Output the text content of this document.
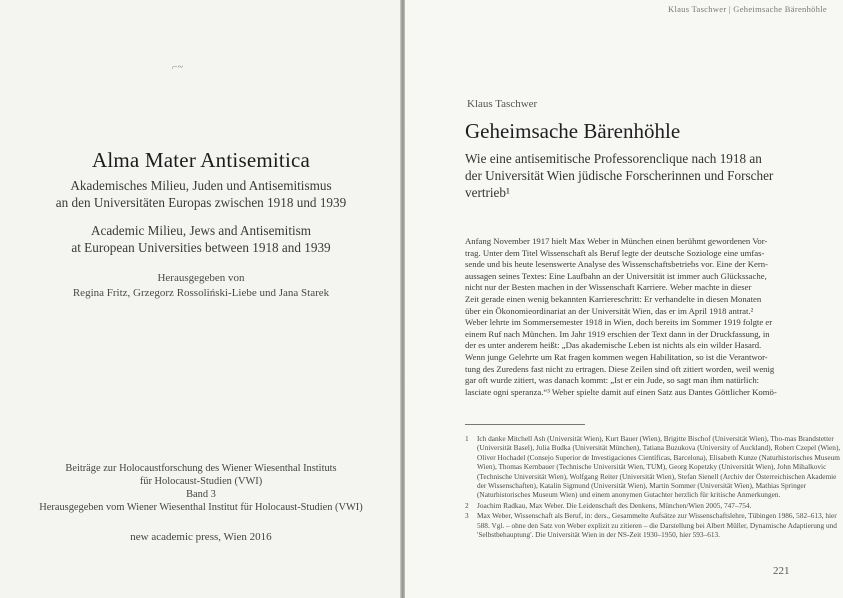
⌐~
Alma Mater Antisemitica
Akademisches Milieu, Juden und Antisemitismus
an den Universitäten Europas zwischen 1918 und 1939
Academic Milieu, Jews and Antisemitism
at European Universities between 1918 and 1939
Herausgegeben von
Regina Fritz, Grzegorz Rossoliński-Liebe und Jana Starek
Beiträge zur Holocaustforschung des Wiener Wiesenthal Instituts
für Holocaust-Studien (VWI)
Band 3
Herausgegeben vom Wiener Wiesenthal Institut für Holocaust-Studien (VWI)
new academic press, Wien 2016
Klaus Taschwer | Geheimsache Bärenhöhle
Klaus Taschwer
Geheimsache Bärenhöhle
Wie eine antisemitische Professorenclique nach 1918 an
der Universität Wien jüdische Forscherinnen und Forscher
vertrieb¹
Anfang November 1917 hielt Max Weber in München einen berühmt gewordenen Vor-
trag. Unter dem Titel Wissenschaft als Beruf legte der deutsche Soziologe eine umfas-
sende und bis heute lesenswerte Analyse des Wissenschaftsbetriebs vor. Eine der Kern-
aussagen seines Textes: Eine Laufbahn an der Universität ist immer auch Glückssache,
nicht nur der Besten machen in der Wissenschaft Karriere. Weber machte in dieser
Zeit gerade einen wenig bekannten Karriereschritt: Er verhandelte in diesen Monaten
über ein Ökonomieordinariat an der Universität Wien, das er im April 1918 antrat.²
Weber lehrte im Sommersemester 1918 in Wien, doch bereits im Sommer 1919 folgte er
einem Ruf nach München. Im Jahr 1919 erschien der Text dann in der Druckfassung, in
der es unter anderem heißt: „Das akademische Leben ist nichts als ein wilder Hasard.
Wenn junge Gelehrte um Rat fragen kommen wegen Habilitation, so ist die Verantwor-
tung des Zuredens fast nicht zu ertragen. Diese Zeilen sind oft zitiert worden, weil wenig
gar oft wurde zitiert, was danach kommt: „Ist er ein Jude, so sagt man ihm natürlich:
lasciate ogni speranza.“³ Weber spielte damit auf einen Satz aus Dantes Göttlicher Komö-
1	Ich danke Mitchell Ash (Universität Wien), Kurt Bauer (Wien), Brigitte Bischof (Universität Wien), Tho-mas Brandstetter (Universität Basel), Julia Budka (Universität München), Tatiana Buzukova (University of Auckland), Robert Czepel (Wien), Oliver Hochadel (Consejo Superior de Investigaciones Científicas, Barcelona), Elisabeth Kunze (Naturhistorisches Museum Wien), Thomas Kernbauer (Technische Universität Wien, TUM), Georg Kopetzky (Universität Wien), John Mihalkovic (Technische Universität Wien), Wolfgang Reiter (Universität Wien), Stefan Sienell (Archiv der Österreichischen Akademie der Wissenschaften), Katalin Sigmund (Universität Wien), Martin Sommer (Universität Wien), Mathias Springer (Naturhistorisches Museum Wien) und einem anonymen Gutachter herzlich für kritische Anmerkungen.
2	Joachim Radkau, Max Weber. Die Leidenschaft des Denkens, München/Wien 2005, 747–754.
3	Max Weber, Wissenschaft als Beruf, in: ders., Gesammelte Aufsätze zur Wissenschaftslehre, Tübingen 1986, 582–613, hier 588. Vgl. – ohne den Satz von Weber explizit zu zitieren – die Darstellung bei Albert Müller, Dynamische Adaptierung und 'Selbstbehauptung'. Die Universität Wien in der NS-Zeit 1930–1950, hier 593–613.
221
